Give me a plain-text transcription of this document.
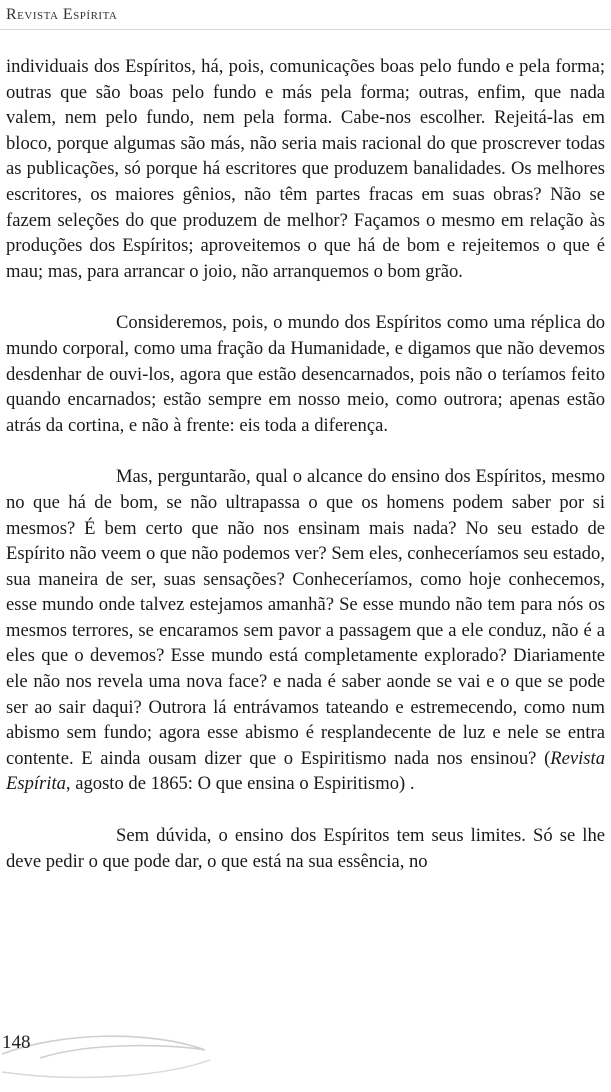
Revista Espírita

individuais dos Espíritos, há, pois, comunicações boas pelo fundo e pela forma; outras que são boas pelo fundo e más pela forma; outras, enfim, que nada valem, nem pelo fundo, nem pela forma. Cabe-nos escolher. Rejeitá-las em bloco, porque algumas são más, não seria mais racional do que proscrever todas as publicações, só porque há escritores que produzem banalidades. Os melhores escritores, os maiores gênios, não têm partes fracas em suas obras? Não se fazem seleções do que produzem de melhor? Façamos o mesmo em relação às produções dos Espíritos; aproveitemos o que há de bom e rejeitemos o que é mau; mas, para arrancar o joio, não arranquemos o bom grão.

Consideremos, pois, o mundo dos Espíritos como uma réplica do mundo corporal, como uma fração da Humanidade, e digamos que não devemos desdenhar de ouvi-los, agora que estão desencarnados, pois não o teríamos feito quando encarnados; estão sempre em nosso meio, como outrora; apenas estão atrás da cortina, e não à frente: eis toda a diferença.

Mas, perguntarão, qual o alcance do ensino dos Espíritos, mesmo no que há de bom, se não ultrapassa o que os homens podem saber por si mesmos? É bem certo que não nos ensinam mais nada? No seu estado de Espírito não veem o que não podemos ver? Sem eles, conheceríamos seu estado, sua maneira de ser, suas sensações? Conheceríamos, como hoje conhecemos, esse mundo onde talvez estejamos amanhã? Se esse mundo não tem para nós os mesmos terrores, se encaramos sem pavor a passagem que a ele conduz, não é a eles que o devemos? Esse mundo está completamente explorado? Diariamente ele não nos revela uma nova face? e nada é saber aonde se vai e o que se pode ser ao sair daqui? Outrora lá entrávamos tateando e estremecendo, como num abismo sem fundo; agora esse abismo é resplandecente de luz e nele se entra contente. E ainda ousam dizer que o Espiritismo nada nos ensinou? (Revista Espírita, agosto de 1865: O que ensina o Espiritismo) .

Sem dúvida, o ensino dos Espíritos tem seus limites. Só se lhe deve pedir o que pode dar, o que está na sua essência, no

148
